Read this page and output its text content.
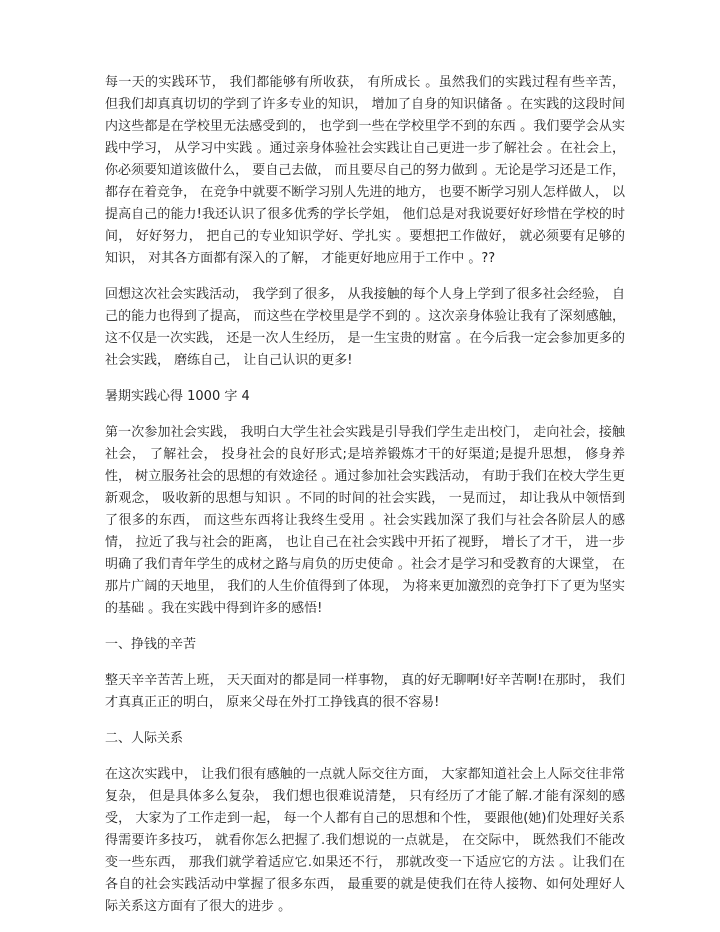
每一天的实践环节， 我们都能够有所收获， 有所成长 。虽然我们的实践过程有些辛苦， 但我们却真真切切的学到了许多专业的知识， 增加了自身的知识储备 。在实践的这段时间内这些都是在学校里无法感受到的， 也学到一些在学校里学不到的东西 。我们要学会从实践中学习， 从学习中实践 。通过亲身体验社会实践让自己更进一步了解社会 。在社会上， 你必须要知道该做什么， 要自己去做， 而且要尽自己的努力做到 。无论是学习还是工作， 都存在着竞争， 在竞争中就要不断学习别人先进的地方， 也要不断学习别人怎样做人， 以提高自己的能力!我还认识了很多优秀的学长学姐， 他们总是对我说要好好珍惜在学校的时间， 好好努力， 把自己的专业知识学好、学扎实 。要想把工作做好， 就必须要有足够的知识， 对其各方面都有深入的了解， 才能更好地应用于工作中 。??

回想这次社会实践活动， 我学到了很多， 从我接触的每个人身上学到了很多社会经验， 自己的能力也得到了提高， 而这些在学校里是学不到的 。这次亲身体验让我有了深刻感触， 这不仅是一次实践， 还是一次人生经历， 是一生宝贵的财富 。在今后我一定会参加更多的社会实践， 磨练自己， 让自己认识的更多!

暑期实践心得 1000 字 4

第一次参加社会实践， 我明白大学生社会实践是引导我们学生走出校门， 走向社会，接触社会， 了解社会， 投身社会的良好形式;是培养锻炼才干的好渠道;是提升思想， 修身养性， 树立服务社会的思想的有效途径 。通过参加社会实践活动， 有助于我们在校大学生更新观念， 吸收新的思想与知识 。不同的时间的社会实践， 一晃而过， 却让我从中领悟到了很多的东西， 而这些东西将让我终生受用 。社会实践加深了我们与社会各阶层人的感情， 拉近了我与社会的距离， 也让自己在社会实践中开拓了视野， 增长了才干， 进一步明确了我们青年学生的成材之路与肩负的历史使命 。社会才是学习和受教育的大课堂， 在那片广阔的天地里， 我们的人生价值得到了体现， 为将来更加激烈的竞争打下了更为坚实的基础 。我在实践中得到许多的感悟!

一、挣钱的辛苦

整天辛辛苦苦上班， 天天面对的都是同一样事物， 真的好无聊啊!好辛苦啊!在那时， 我们才真真正正的明白， 原来父母在外打工挣钱真的很不容易!

二、人际关系

在这次实践中， 让我们很有感触的一点就人际交往方面， 大家都知道社会上人际交往非常复杂， 但是具体多么复杂， 我们想也很难说清楚， 只有经历了才能了解.才能有深刻的感受， 大家为了工作走到一起， 每一个人都有自己的思想和个性， 要跟他(她)们处理好关系得需要许多技巧， 就看你怎么把握了.我们想说的一点就是， 在交际中， 既然我们不能改变一些东西， 那我们就学着适应它.如果还不行， 那就改变一下适应它的方法 。让我们在各自的社会实践活动中掌握了很多东西， 最重要的就是使我们在待人接物、如何处理好人际关系这方面有了很大的进步 。
